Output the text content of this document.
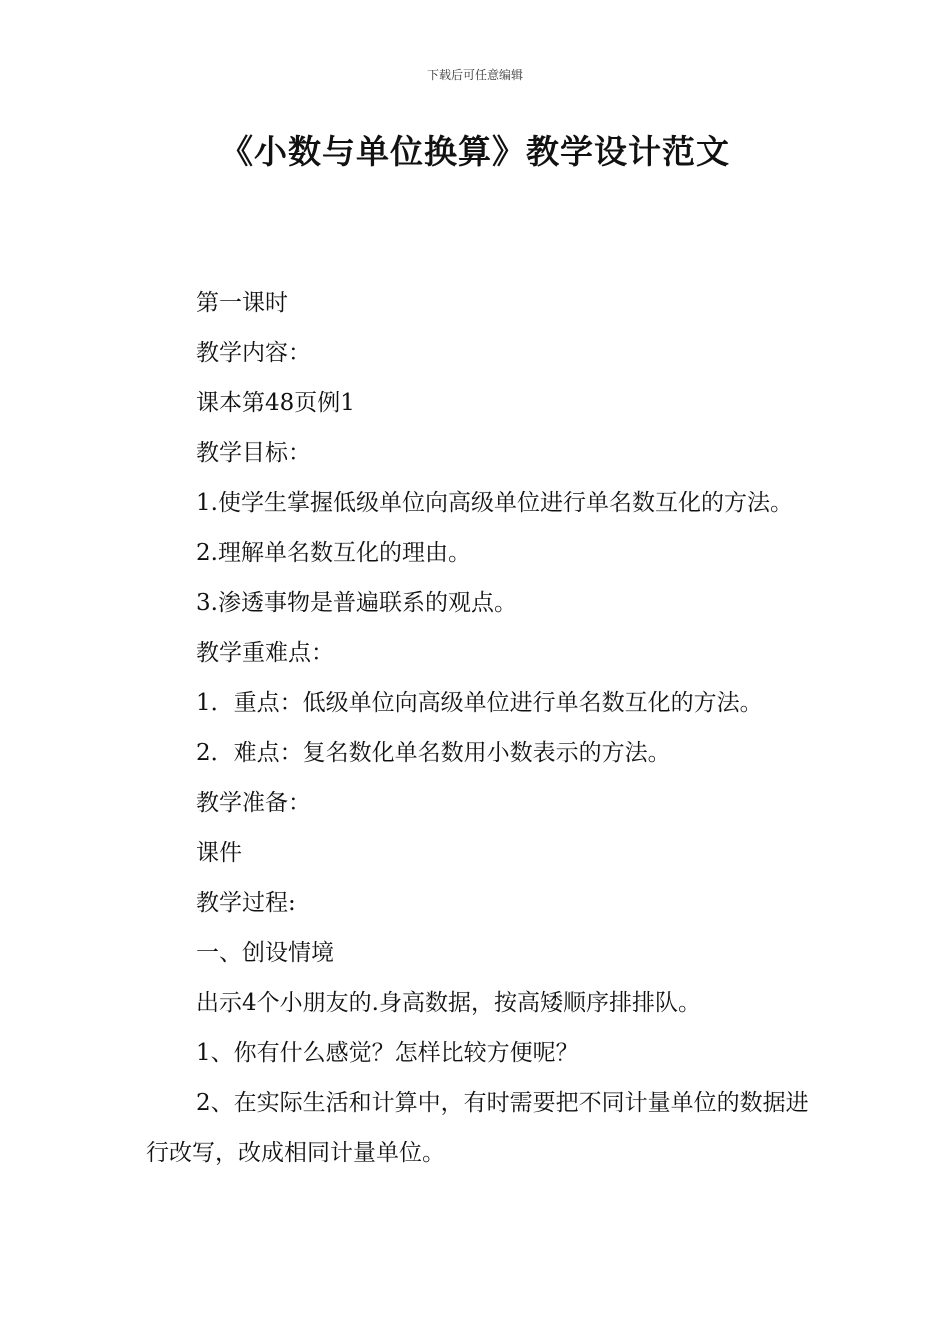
下载后可任意编辑
《小数与单位换算》教学设计范文

第一课时

教学内容：

课本第48页例1

教学目标：

1.使学生掌握低级单位向高级单位进行单名数互化的方法。

2.理解单名数互化的理由。

3.渗透事物是普遍联系的观点。

教学重难点：

1．重点：低级单位向高级单位进行单名数互化的方法。

2．难点：复名数化单名数用小数表示的方法。

教学准备：

课件

教学过程:

一、创设情境

出示4个小朋友的.身高数据，按高矮顺序排排队。

1、你有什么感觉？怎样比较方便呢？

2、在实际生活和计算中，有时需要把不同计量单位的数据进行改写，改成相同计量单位。
